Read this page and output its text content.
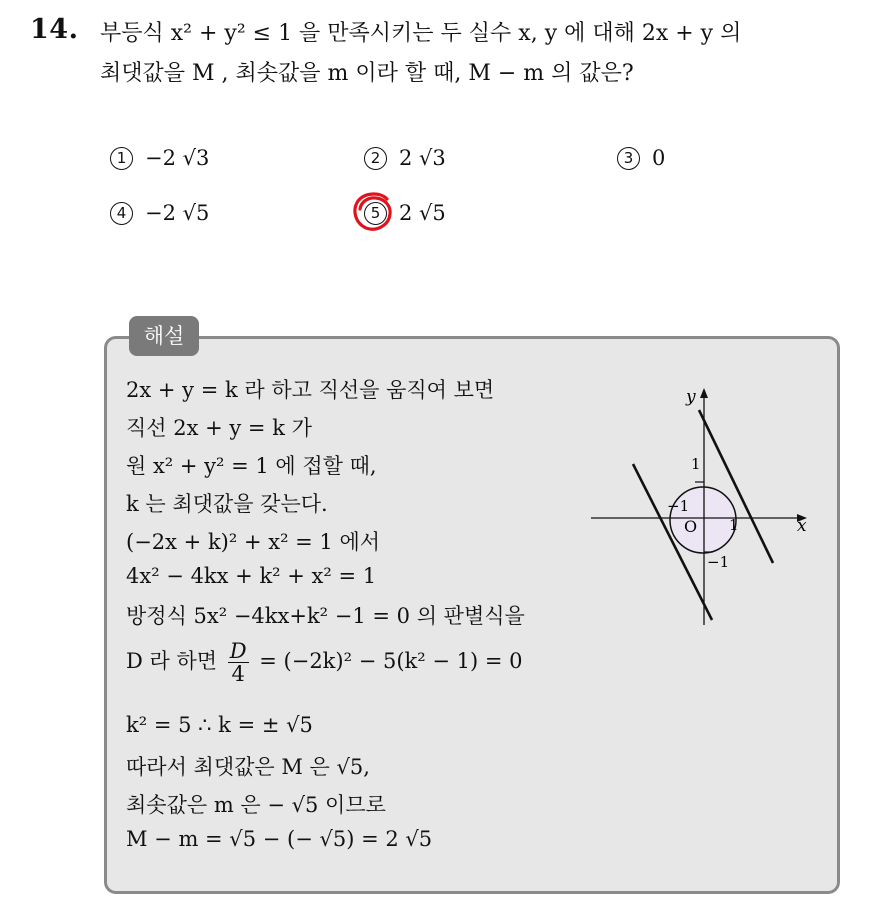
14. 부등식 x² + y² ≤ 1 을 만족시키는 두 실수 x, y 에 대해 2x + y 의
최댓값을 M , 최솟값을 m 이라 할 때, M − m 의 값은?
1 −2 √3	2 2 √3	3 0
4 −2 √5	5 2 √5
해설
2x + y = k 라 하고 직선을 움직여 보면
직선 2x + y = k 가
원 x² + y² = 1 에 접할 때,
k 는 최댓값을 갖는다.
(−2x + k)² + x² = 1 에서
4x² − 4kx + k² + x² = 1
방정식 5x² −4kx+k² −1 = 0 의 판별식을
D 라 하면 $\frac{D}{4} = (-2k)^2 - 5(k^2 - 1) = 0$
k² = 5 ∴ k = ± √5
따라서 최댓값은 M 은 √5,
최솟값은 m 은 − √5 이므로
M − m = √5 − (− √5) = 2 √5
x
y
O
1
−1
1
−1
